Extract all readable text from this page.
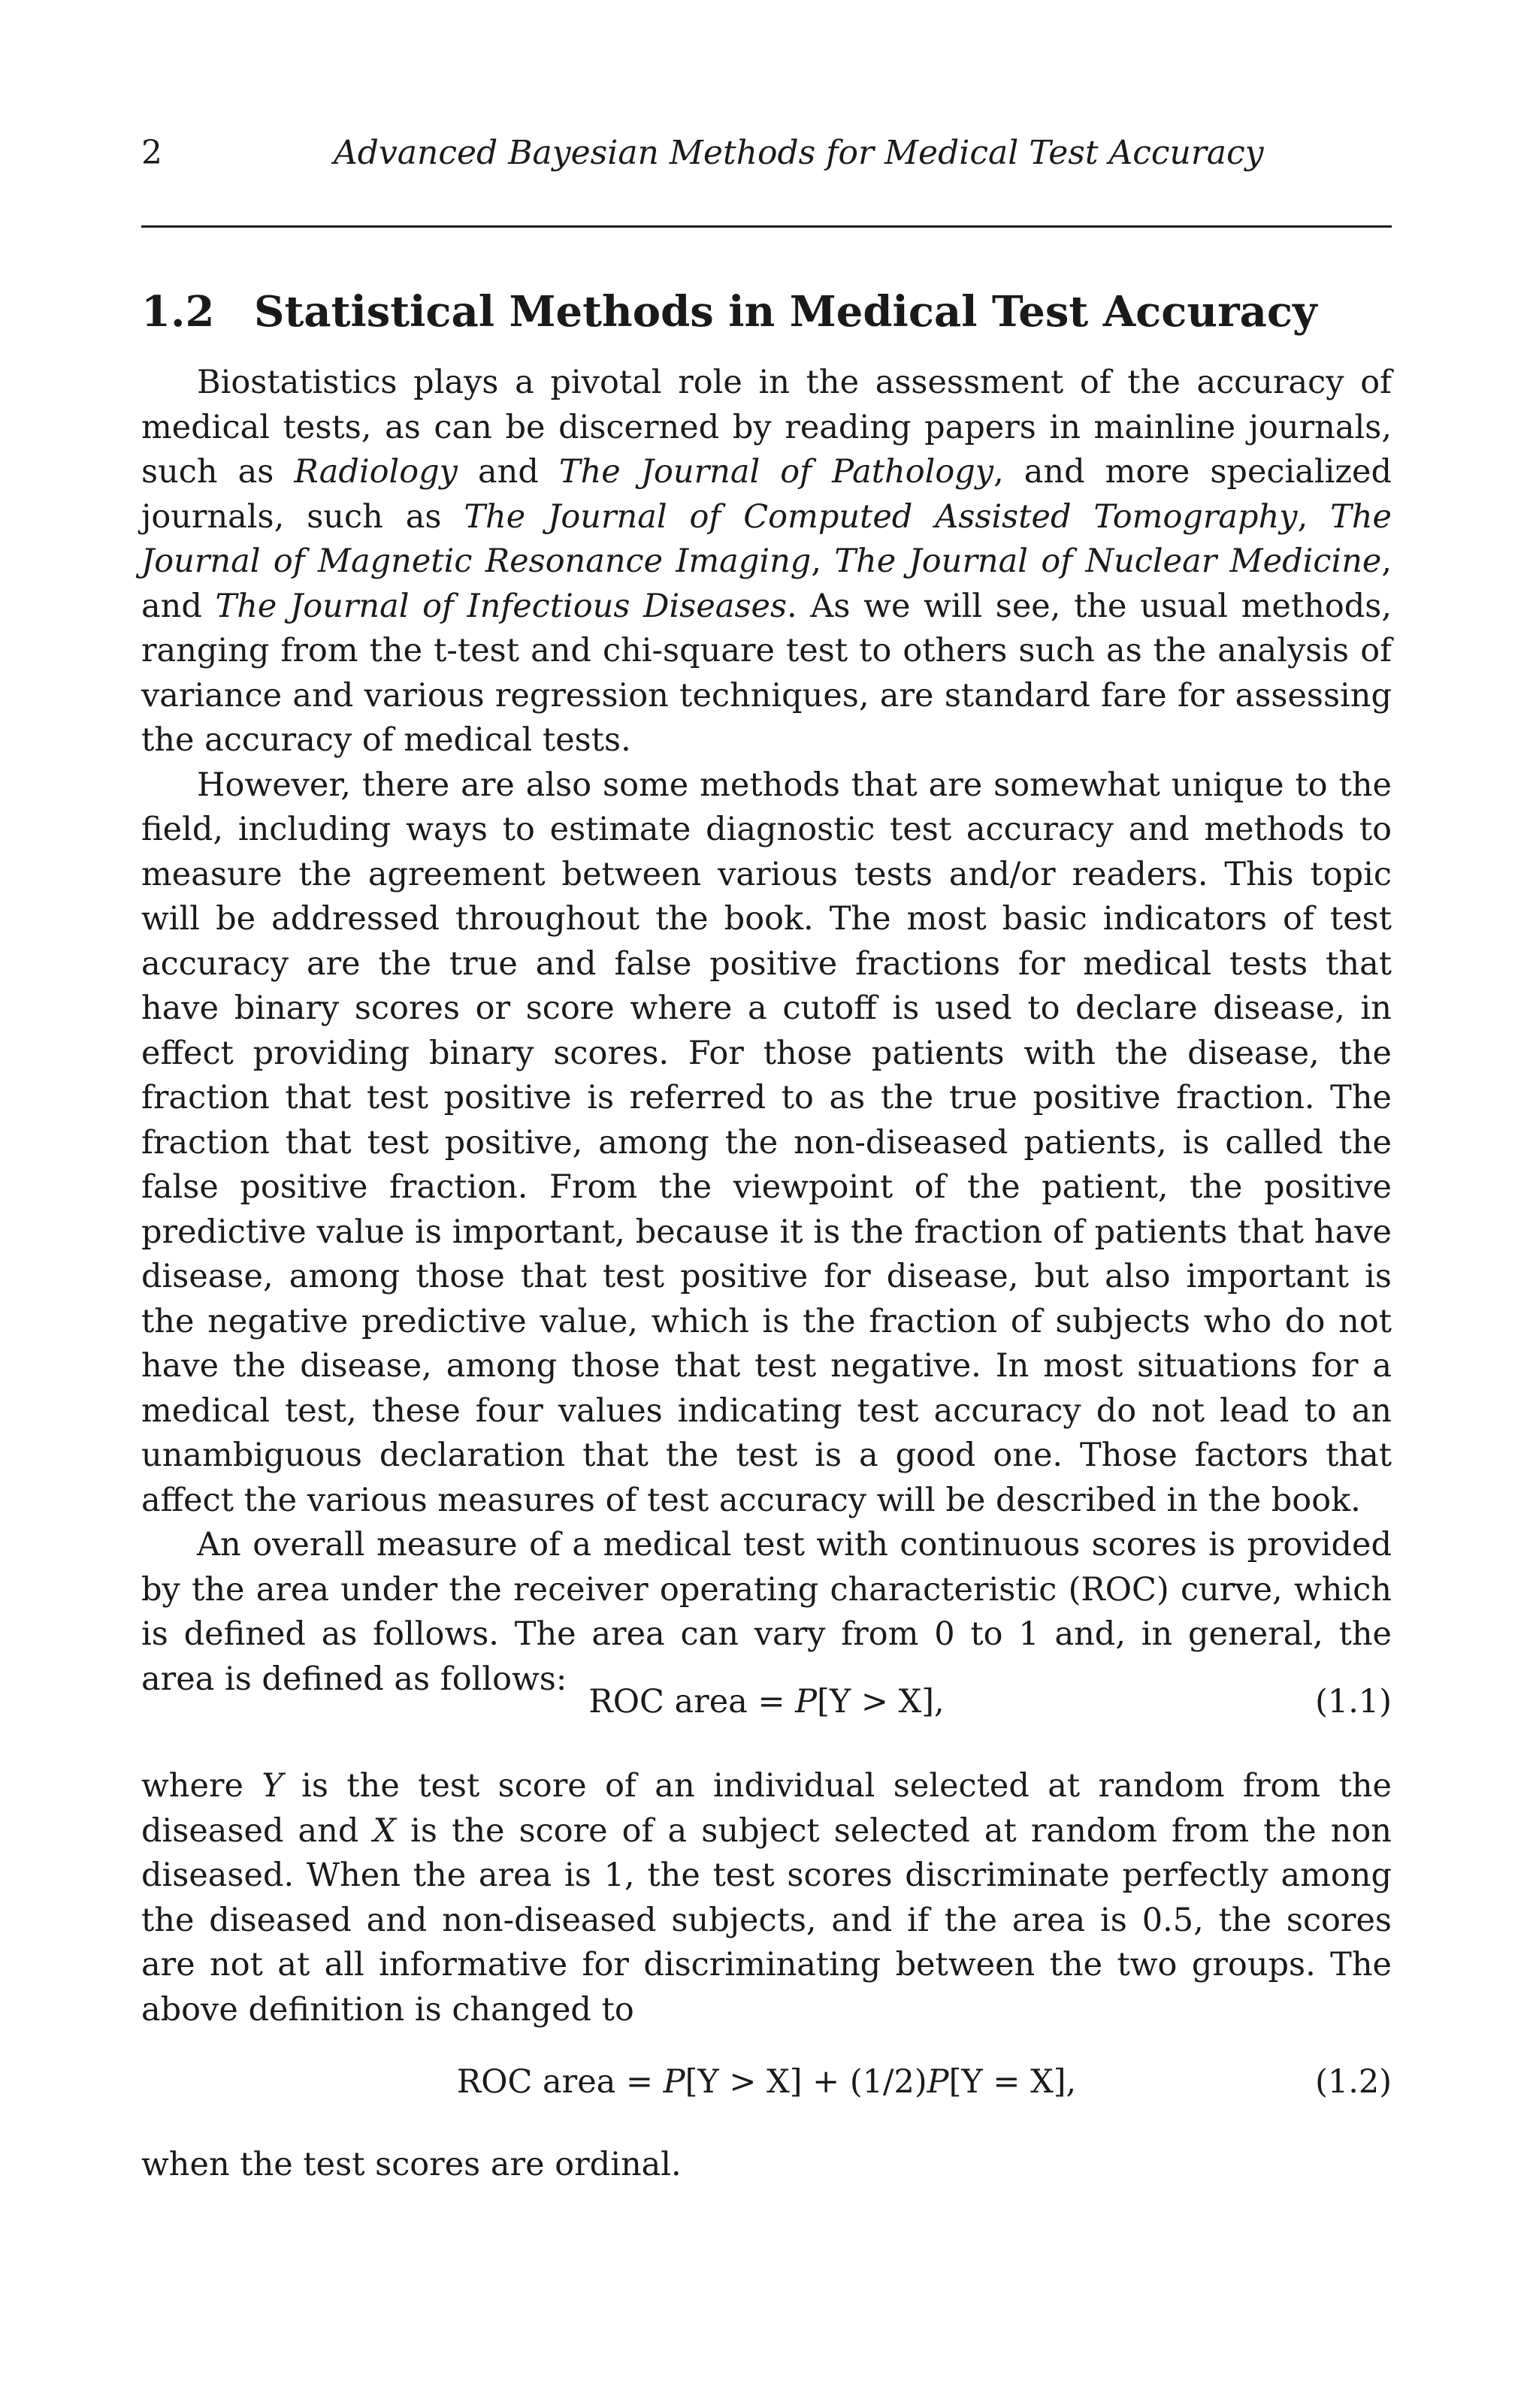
2	Advanced Bayesian Methods for Medical Test Accuracy
1.2 Statistical Methods in Medical Test Accuracy

Biostatistics plays a pivotal role in the assessment of the accuracy of medical tests, as can be discerned by reading papers in mainline journals, such as Radiology and The Journal of Pathology, and more specialized journals, such as The Journal of Computed Assisted Tomography, The Journal of Magnetic Resonance Imaging, The Journal of Nuclear Medicine, and The Journal of Infectious Diseases. As we will see, the usual methods, ranging from the t-test and chi-square test to others such as the analysis of variance and various regression techniques, are standard fare for assessing the accuracy of medical tests.

However, there are also some methods that are somewhat unique to the field, including ways to estimate diagnostic test accuracy and methods to measure the agreement between various tests and/or readers. This topic will be addressed throughout the book. The most basic indicators of test accuracy are the true and false positive fractions for medical tests that have binary scores or score where a cutoff is used to declare disease, in effect providing binary scores. For those patients with the disease, the fraction that test positive is referred to as the true positive fraction. The fraction that test positive, among the non-diseased patients, is called the false positive fraction. From the viewpoint of the patient, the positive predictive value is important, because it is the fraction of patients that have disease, among those that test positive for disease, but also important is the negative predictive value, which is the fraction of subjects who do not have the disease, among those that test negative. In most situations for a medical test, these four values indicating test accuracy do not lead to an unambiguous declaration that the test is a good one. Those factors that affect the various measures of test accuracy will be described in the book.

An overall measure of a medical test with continuous scores is provided by the area under the receiver operating characteristic (ROC) curve, which is defined as follows. The area can vary from 0 to 1 and, in general, the area is defined as follows:

ROC area = P[Y > X],	(1.1)

where Y is the test score of an individual selected at random from the diseased and X is the score of a subject selected at random from the non diseased. When the area is 1, the test scores discriminate perfectly among the diseased and non-diseased subjects, and if the area is 0.5, the scores are not at all informative for discriminating between the two groups. The above definition is changed to

ROC area = P[Y > X] + (1/2)P[Y = X],	(1.2)

when the test scores are ordinal.
